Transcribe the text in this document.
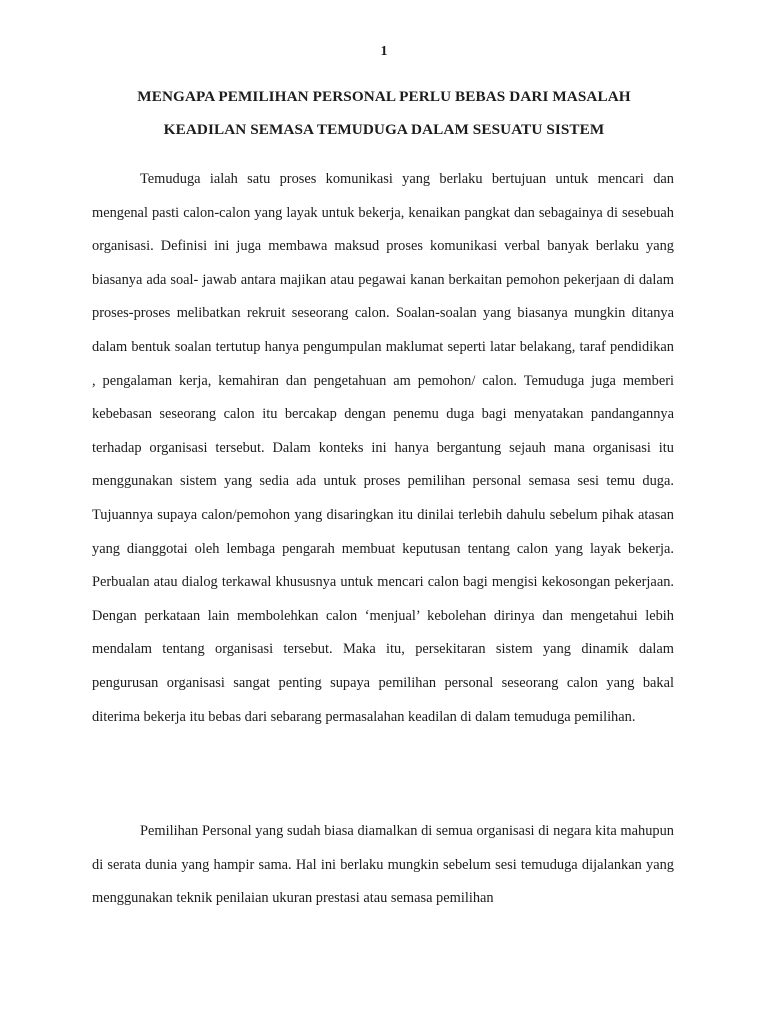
1
MENGAPA PEMILIHAN PERSONAL PERLU BEBAS DARI MASALAH
KEADILAN SEMASA TEMUDUGA DALAM SESUATU SISTEM

Temuduga ialah satu proses komunikasi yang berlaku bertujuan untuk mencari dan mengenal pasti calon-calon yang layak untuk bekerja, kenaikan pangkat dan sebagainya di sesebuah organisasi. Definisi ini juga membawa maksud proses komunikasi verbal banyak berlaku yang biasanya ada soal- jawab antara majikan atau pegawai kanan berkaitan pemohon pekerjaan di dalam proses-proses melibatkan rekruit seseorang calon. Soalan-soalan yang biasanya mungkin ditanya dalam bentuk soalan tertutup hanya pengumpulan maklumat seperti latar belakang, taraf pendidikan , pengalaman kerja, kemahiran dan pengetahuan am pemohon/ calon. Temuduga juga memberi kebebasan seseorang calon itu bercakap dengan penemu duga bagi menyatakan pandangannya terhadap organisasi tersebut. Dalam konteks ini hanya bergantung sejauh mana organisasi itu menggunakan sistem yang sedia ada untuk proses pemilihan personal semasa sesi temu duga. Tujuannya supaya calon/pemohon yang disaringkan itu dinilai terlebih dahulu sebelum pihak atasan yang dianggotai oleh lembaga pengarah membuat keputusan tentang calon yang layak bekerja. Perbualan atau dialog terkawal khususnya untuk mencari calon bagi mengisi kekosongan pekerjaan. Dengan perkataan lain membolehkan calon ‘menjual’ kebolehan dirinya dan mengetahui lebih mendalam tentang organisasi tersebut. Maka itu, persekitaran sistem yang dinamik dalam pengurusan organisasi sangat penting supaya pemilihan personal seseorang calon yang bakal diterima bekerja itu bebas dari sebarang permasalahan keadilan di dalam temuduga pemilihan.

Pemilihan Personal yang sudah biasa diamalkan di semua organisasi di negara kita mahupun di serata dunia yang hampir sama. Hal ini berlaku mungkin sebelum sesi temuduga dijalankan yang menggunakan teknik penilaian ukuran prestasi atau semasa pemilihan
